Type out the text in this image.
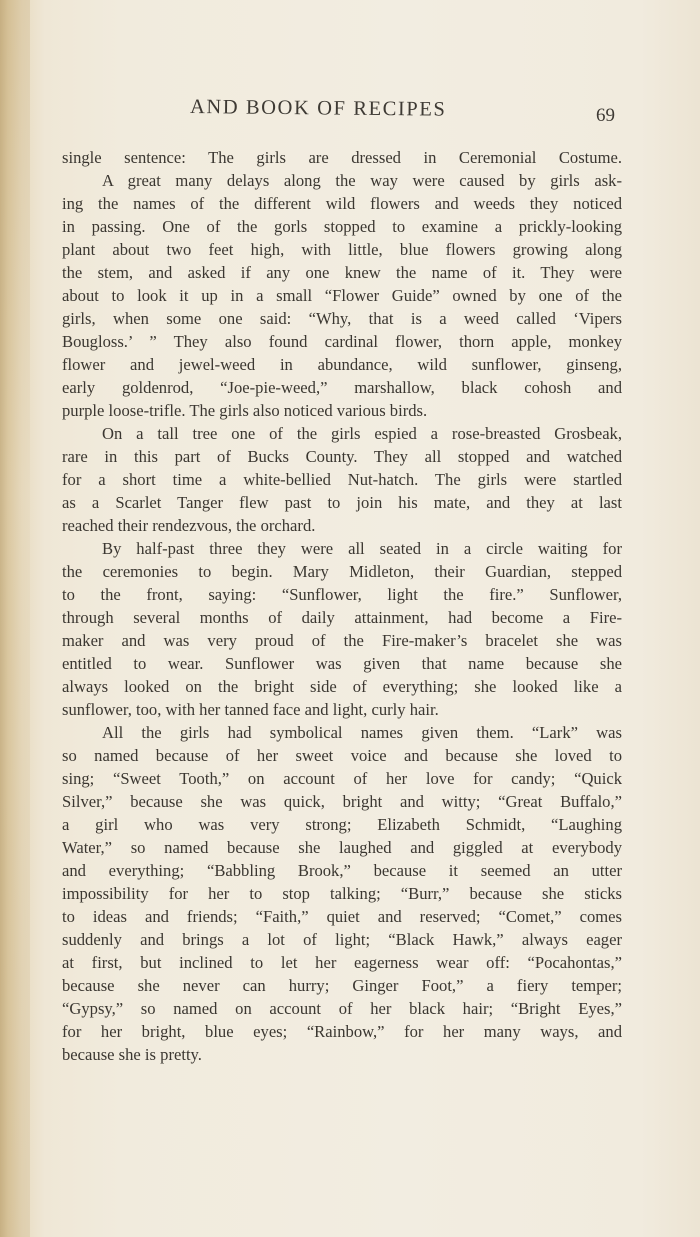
AND BOOK OF RECIPES	69
single sentence: The girls are dressed in Ceremonial Costume.
A great many delays along the way were caused by girls ask-
ing the names of the different wild flowers and weeds they noticed
in passing. One of the gorls stopped to examine a prickly-looking
plant about two feet high, with little, blue flowers growing along
the stem, and asked if any one knew the name of it. They were
about to look it up in a small “Flower Guide” owned by one of the
girls, when some one said: “Why, that is a weed called ‘Vipers
Bougloss.’ ” They also found cardinal flower, thorn apple, monkey
flower and jewel-weed in abundance, wild sunflower, ginseng,
early goldenrod, “Joe-pie-weed,” marshallow, black cohosh and
purple loose-trifle. The girls also noticed various birds.
On a tall tree one of the girls espied a rose-breasted Grosbeak,
rare in this part of Bucks County. They all stopped and watched
for a short time a white-bellied Nut-hatch. The girls were startled
as a Scarlet Tanger flew past to join his mate, and they at last
reached their rendezvous, the orchard.
By half-past three they were all seated in a circle waiting for
the ceremonies to begin. Mary Midleton, their Guardian, stepped
to the front, saying: “Sunflower, light the fire.” Sunflower,
through several months of daily attainment, had become a Fire-
maker and was very proud of the Fire-maker’s bracelet she was
entitled to wear. Sunflower was given that name because she
always looked on the bright side of everything; she looked like a
sunflower, too, with her tanned face and light, curly hair.
All the girls had symbolical names given them. “Lark” was
so named because of her sweet voice and because she loved to
sing; “Sweet Tooth,” on account of her love for candy; “Quick
Silver,” because she was quick, bright and witty; “Great Buffalo,”
a girl who was very strong; Elizabeth Schmidt, “Laughing
Water,” so named because she laughed and giggled at everybody
and everything; “Babbling Brook,” because it seemed an utter
impossibility for her to stop talking; “Burr,” because she sticks
to ideas and friends; “Faith,” quiet and reserved; “Comet,” comes
suddenly and brings a lot of light; “Black Hawk,” always eager
at first, but inclined to let her eagerness wear off: “Pocahontas,”
because she never can hurry; Ginger Foot,” a fiery temper;
“Gypsy,” so named on account of her black hair; “Bright Eyes,”
for her bright, blue eyes; “Rainbow,” for her many ways, and
because she is pretty.
